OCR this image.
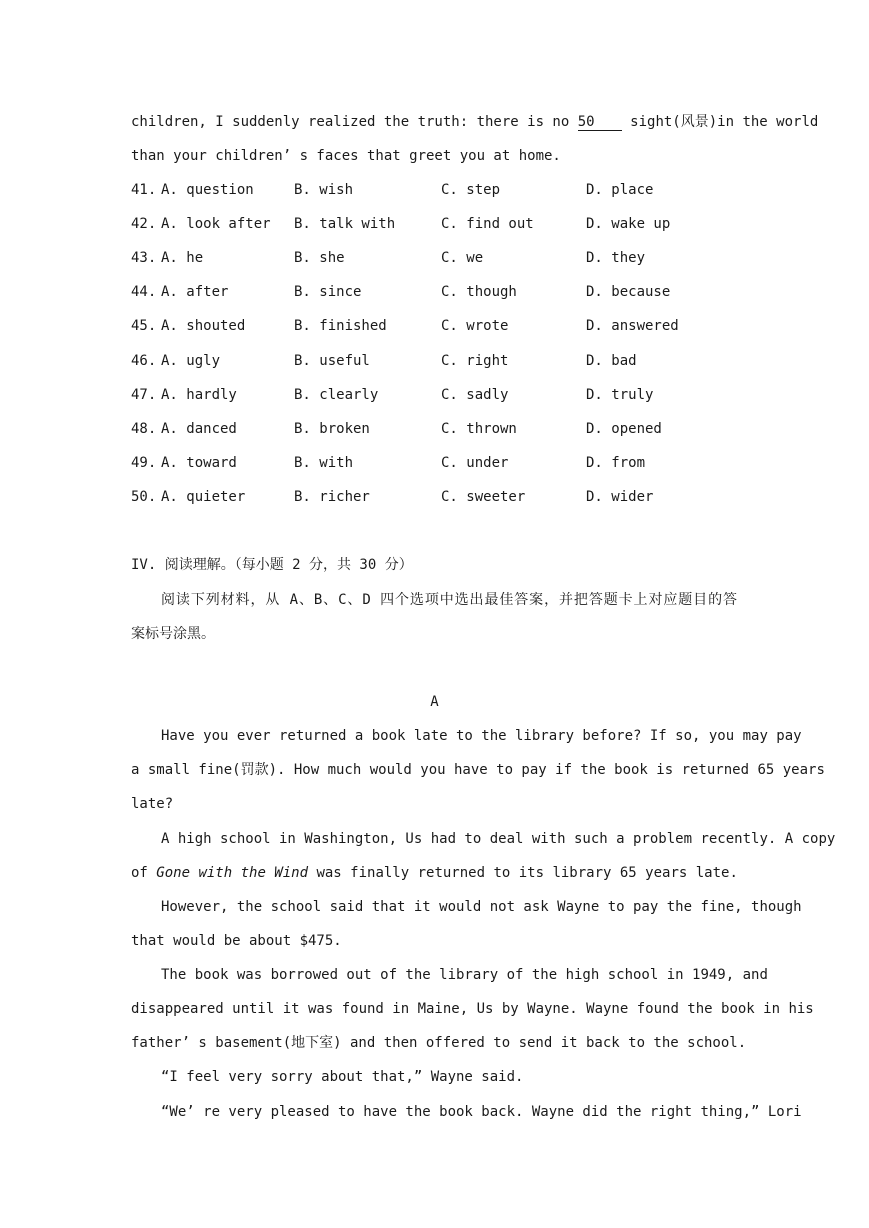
children, I suddenly realized the truth: there is no 50 sight(风景)in the world
than your children’ s faces that greet you at home.
41. A. question	B. wish	C. step	D. place
42. A. look after B. talk with	C. find out	D. wake up
43. A. he	B. she	C. we	D. they
44. A. after	B. since	C. though	D. because
45. A. shouted	B. finished	C. wrote	D. answered
46. A. ugly	B. useful	C. right	D. bad
47. A. hardly	B. clearly	C. sadly	D. truly
48. A. danced	B. broken	C. thrown	D. opened
49. A. toward	B. with	C. under	D. from
50. A. quieter	B. richer	C. sweeter	D. wider
IV. 阅读理解。（每小题 2 分，共 30 分）
阅读下列材料，从 A、B、C、D 四个选项中选出最佳答案，并把答题卡上对应题目的答
案标号涂黑。
A
Have you ever returned a book late to the library before? If so, you may pay
a small fine(罚款). How much would you have to pay if the book is returned 65 years
late?
A high school in Washington, Us had to deal with such a problem recently. A copy
of Gone with the Wind was finally returned to its library 65 years late.
However, the school said that it would not ask Wayne to pay the fine, though
that would be about $475.
The book was borrowed out of the library of the high school in 1949, and
disappeared until it was found in Maine, Us by Wayne. Wayne found the book in his
father’ s basement(地下室) and then offered to send it back to the school.
“I feel very sorry about that,” Wayne said.
“We’ re very pleased to have the book back. Wayne did the right thing,” Lori
